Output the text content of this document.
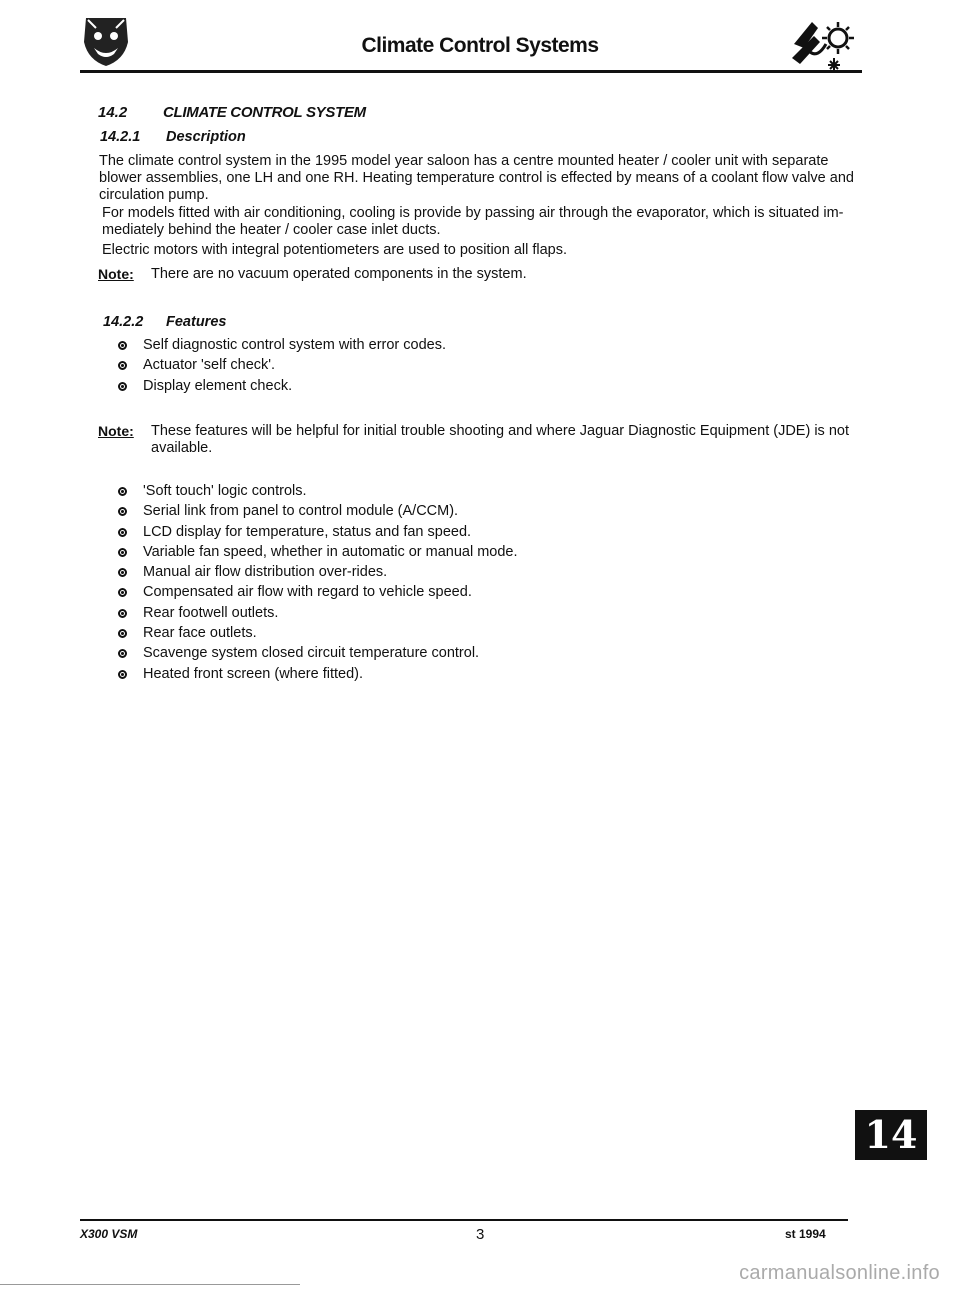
Climate Control Systems
14.2 CLIMATE CONTROL SYSTEM
14.2.1 Description
The climate control system in the 1995 model year saloon has a centre mounted heater / cooler unit with separate blower assemblies, one LH and one RH. Heating temperature control is effected by means of a coolant flow valve and circulation pump.
For models fitted with air conditioning, cooling is provide by passing air through the evaporator, which is situated im-mediately behind the heater / cooler case inlet ducts.
Electric motors with integral potentiometers are used to position all flaps.
Note: There are no vacuum operated components in the system.
14.2.2 Features
Self diagnostic control system with error codes.
Actuator 'self check'.
Display element check.
Note: These features will be helpful for initial trouble shooting and where Jaguar Diagnostic Equipment (JDE) is not available.
'Soft touch' logic controls.
Serial link from panel to control module (A/CCM).
LCD display for temperature, status and fan speed.
Variable fan speed, whether in automatic or manual mode.
Manual air flow distribution over-rides.
Compensated air flow with regard to vehicle speed.
Rear footwell outlets.
Rear face outlets.
Scavenge system closed circuit temperature control.
Heated front screen (where fitted).
14
X300 VSM	3	st 1994
carmanualsonline.info
